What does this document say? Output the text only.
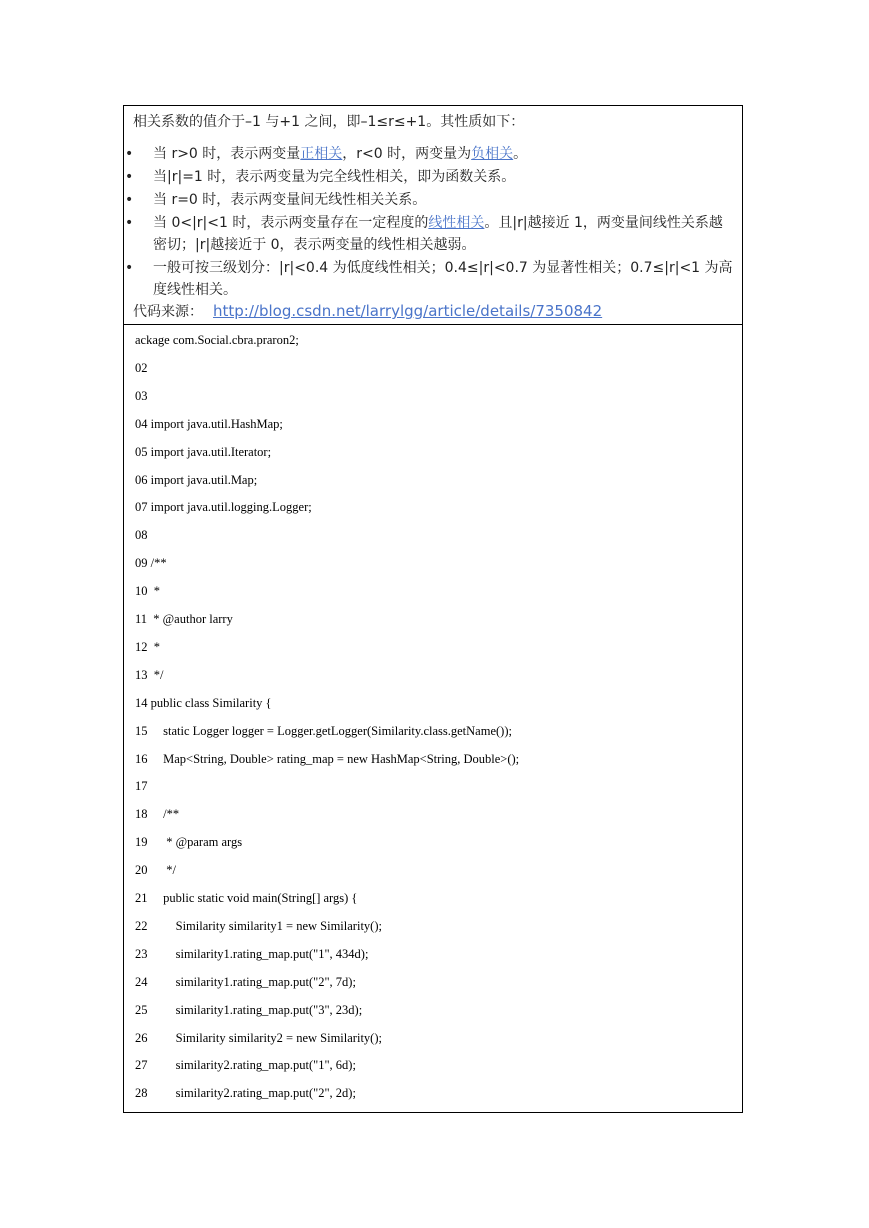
相关系数的值介于–1 与+1 之间，即–1≤r≤+1。其性质如下：
• 当 r>0 时，表示两变量正相关，r<0 时，两变量为负相关。
• 当|r|=1 时，表示两变量为完全线性相关，即为函数关系。
• 当 r=0 时，表示两变量间无线性相关关系。
• 当 0<|r|<1 时，表示两变量存在一定程度的线性相关。且|r|越接近 1，两变量间线性关系越密切；|r|越接近于 0，表示两变量的线性相关越弱。
• 一般可按三级划分：|r|<0.4 为低度线性相关；0.4≤|r|<0.7 为显著性相关；0.7≤|r|<1 为高度线性相关。
代码来源： http://blog.csdn.net/larrylgg/article/details/7350842
ackage com.Social.cbra.praron2;
02
03
04 import java.util.HashMap;
05 import java.util.Iterator;
06 import java.util.Map;
07 import java.util.logging.Logger;
08
09 /**
10  *
11  * @author larry
12  *
13  */
14 public class Similarity {
15     static Logger logger = Logger.getLogger(Similarity.class.getName());
16     Map<String, Double> rating_map = new HashMap<String, Double>();
17
18     /**
19      * @param args
20      */
21     public static void main(String[] args) {
22         Similarity similarity1 = new Similarity();
23         similarity1.rating_map.put("1", 434d);
24         similarity1.rating_map.put("2", 7d);
25         similarity1.rating_map.put("3", 23d);
26         Similarity similarity2 = new Similarity();
27         similarity2.rating_map.put("1", 6d);
28         similarity2.rating_map.put("2", 2d);
